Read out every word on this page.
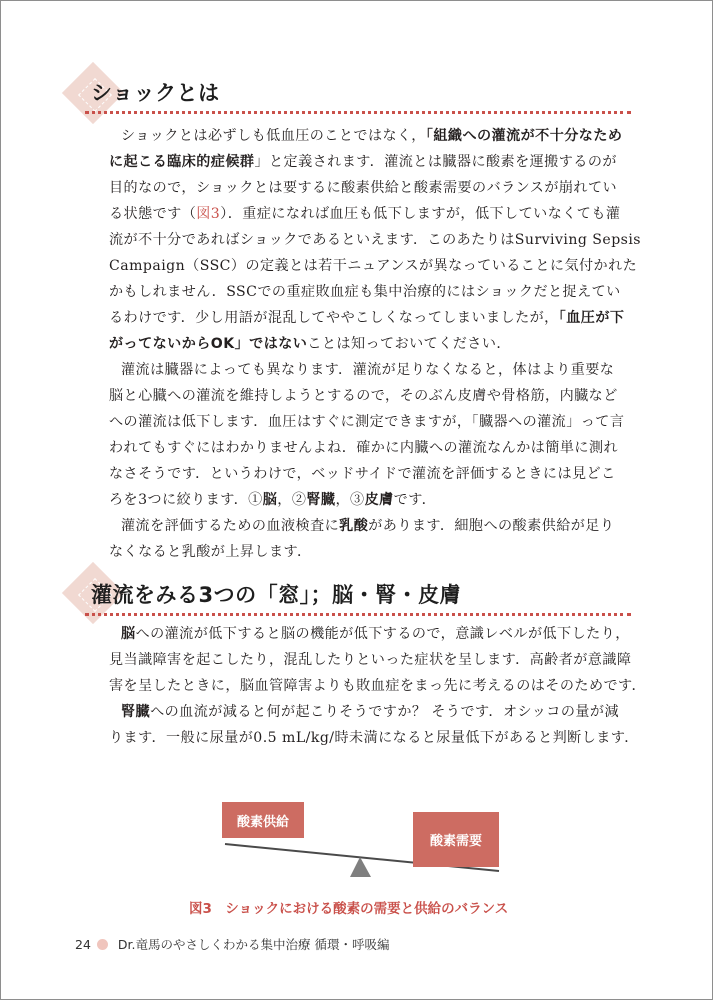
ショックとは

ショックとは必ずしも低血圧のことではなく，「組織への灌流が不十分なため

に起こる臨床的症候群」と定義されます．灌流とは臓器に酸素を運搬するのが

目的なので，ショックとは要するに酸素供給と酸素需要のバランスが崩れてい

る状態です（図3）．重症になれば血圧も低下しますが，低下していなくても灌

流が不十分であればショックであるといえます．このあたりはSurviving Sepsis

Campaign（SSC）の定義とは若干ニュアンスが異なっていることに気付かれた

かもしれません．SSCでの重症敗血症も集中治療的にはショックだと捉えてい

るわけです．少し用語が混乱してややこしくなってしまいましたが，「血圧が下

がってないからOK」ではないことは知っておいてください．

灌流は臓器によっても異なります．灌流が足りなくなると，体はより重要な

脳と心臓への灌流を維持しようとするので，そのぶん皮膚や骨格筋，内臓など

への灌流は低下します．血圧はすぐに測定できますが，「臓器への灌流」って言

われてもすぐにはわかりませんよね．確かに内臓への灌流なんかは簡単に測れ

なさそうです．というわけで，ベッドサイドで灌流を評価するときには見どこ

ろを3つに絞ります．①脳，②腎臓，③皮膚です．

灌流を評価するための血液検査に乳酸があります．細胞への酸素供給が足り

なくなると乳酸が上昇します．

灌流をみる3つの「窓」；脳・腎・皮膚

脳への灌流が低下すると脳の機能が低下するので，意識レベルが低下したり，

見当識障害を起こしたり，混乱したりといった症状を呈します．高齢者が意識障

害を呈したときに，脳血管障害よりも敗血症をまっ先に考えるのはそのためです．

腎臓への血流が減ると何が起こりそうですか？ そうです．オシッコの量が減

ります．一般に尿量が0.5 mL/kg/時未満になると尿量低下があると判断します．

酸素供給
酸素需要

図3　ショックにおける酸素の需要と供給のバランス

24 Dr.竜馬のやさしくわかる集中治療 循環・呼吸編
